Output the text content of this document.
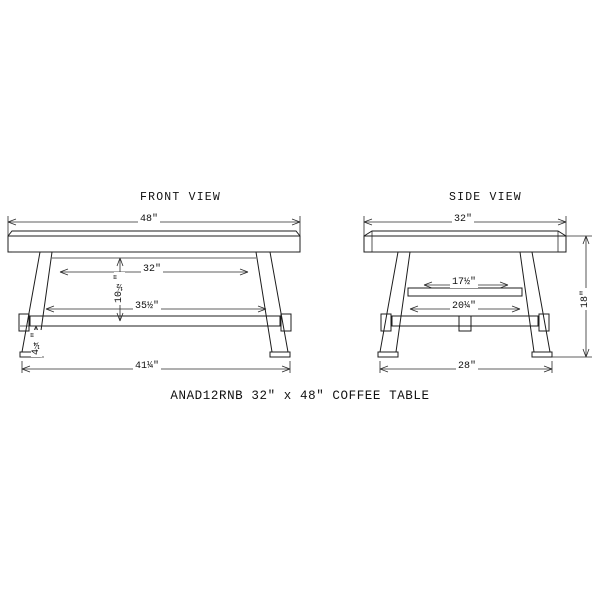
FRONT VIEW	SIDE VIEW
48"
32"
10½"
35½"
4¼"
41¼"
32"
17½"
20¼"	18"
28"
ANAD12RNB 32″ x 48″ COFFEE TABLE
